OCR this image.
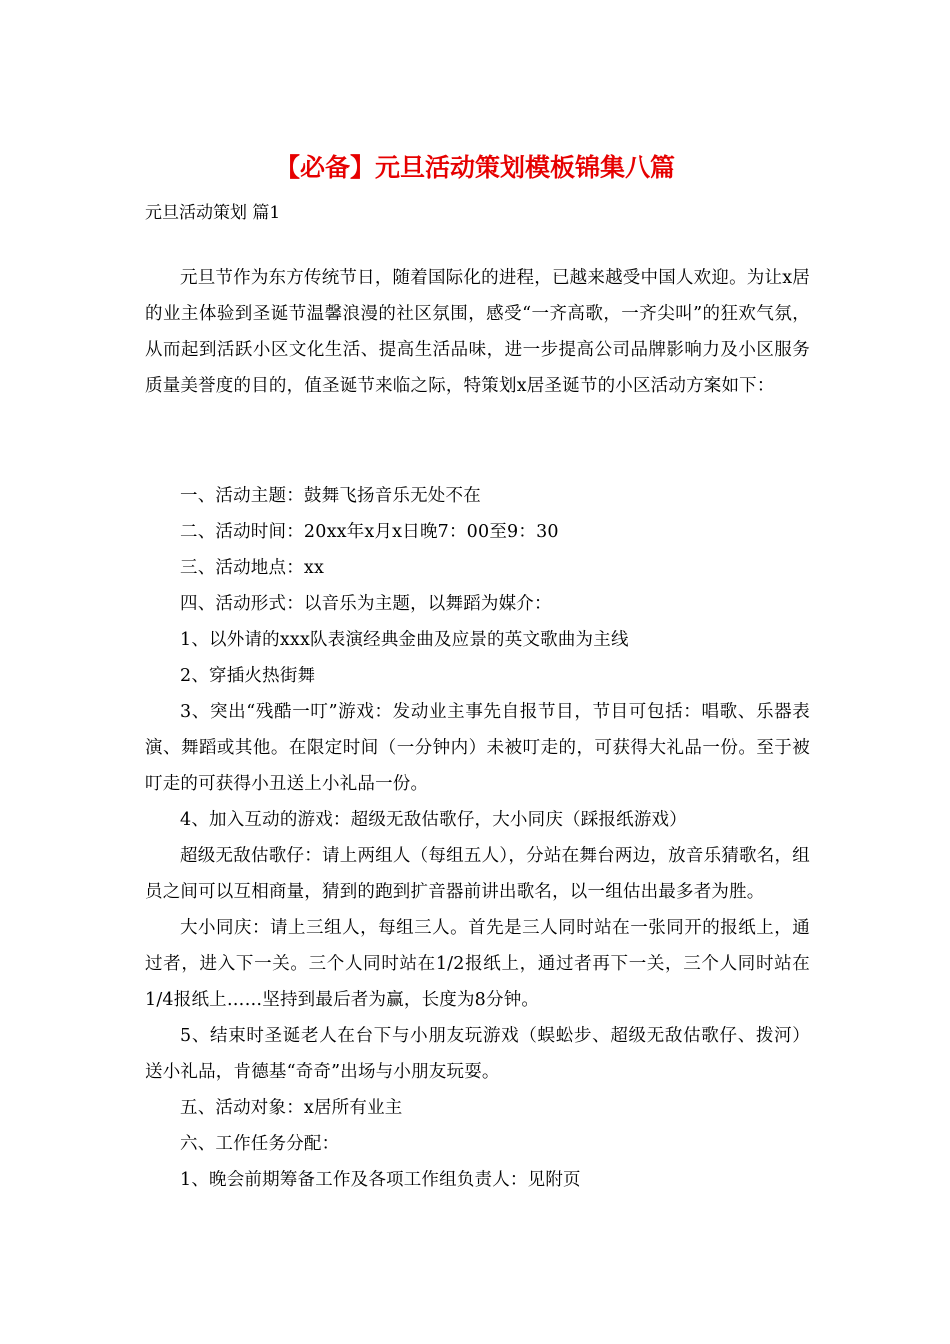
【必备】元旦活动策划模板锦集八篇

元旦活动策划 篇1

元旦节作为东方传统节日，随着国际化的进程，已越来越受中国人欢迎。为让x居的业主体验到圣诞节温馨浪漫的社区氛围，感受“一齐高歌，一齐尖叫”的狂欢气氛，从而起到活跃小区文化生活、提高生活品味，进一步提高公司品牌影响力及小区服务质量美誉度的目的，值圣诞节来临之际，特策划x居圣诞节的小区活动方案如下：

一、活动主题：鼓舞飞扬音乐无处不在
二、活动时间：20xx年x月x日晚7：00至9：30
三、活动地点：xx
四、活动形式：以音乐为主题，以舞蹈为媒介：
1、以外请的xxx队表演经典金曲及应景的英文歌曲为主线
2、穿插火热街舞
3、突出“残酷一叮”游戏：发动业主事先自报节目，节目可包括：唱歌、乐器表演、舞蹈或其他。在限定时间（一分钟内）未被叮走的，可获得大礼品一份。至于被叮走的可获得小丑送上小礼品一份。
4、加入互动的游戏：超级无敌估歌仔，大小同庆（踩报纸游戏）
超级无敌估歌仔：请上两组人（每组五人），分站在舞台两边，放音乐猜歌名，组员之间可以互相商量，猜到的跑到扩音器前讲出歌名，以一组估出最多者为胜。
大小同庆：请上三组人，每组三人。首先是三人同时站在一张同开的报纸上，通过者，进入下一关。三个人同时站在1/2报纸上，通过者再下一关，三个人同时站在1/4报纸上……坚持到最后者为赢，长度为8分钟。
5、结束时圣诞老人在台下与小朋友玩游戏（蜈蚣步、超级无敌估歌仔、拨河）送小礼品，肯德基“奇奇”出场与小朋友玩耍。
五、活动对象：x居所有业主
六、工作任务分配：
1、晚会前期筹备工作及各项工作组负责人：见附页
